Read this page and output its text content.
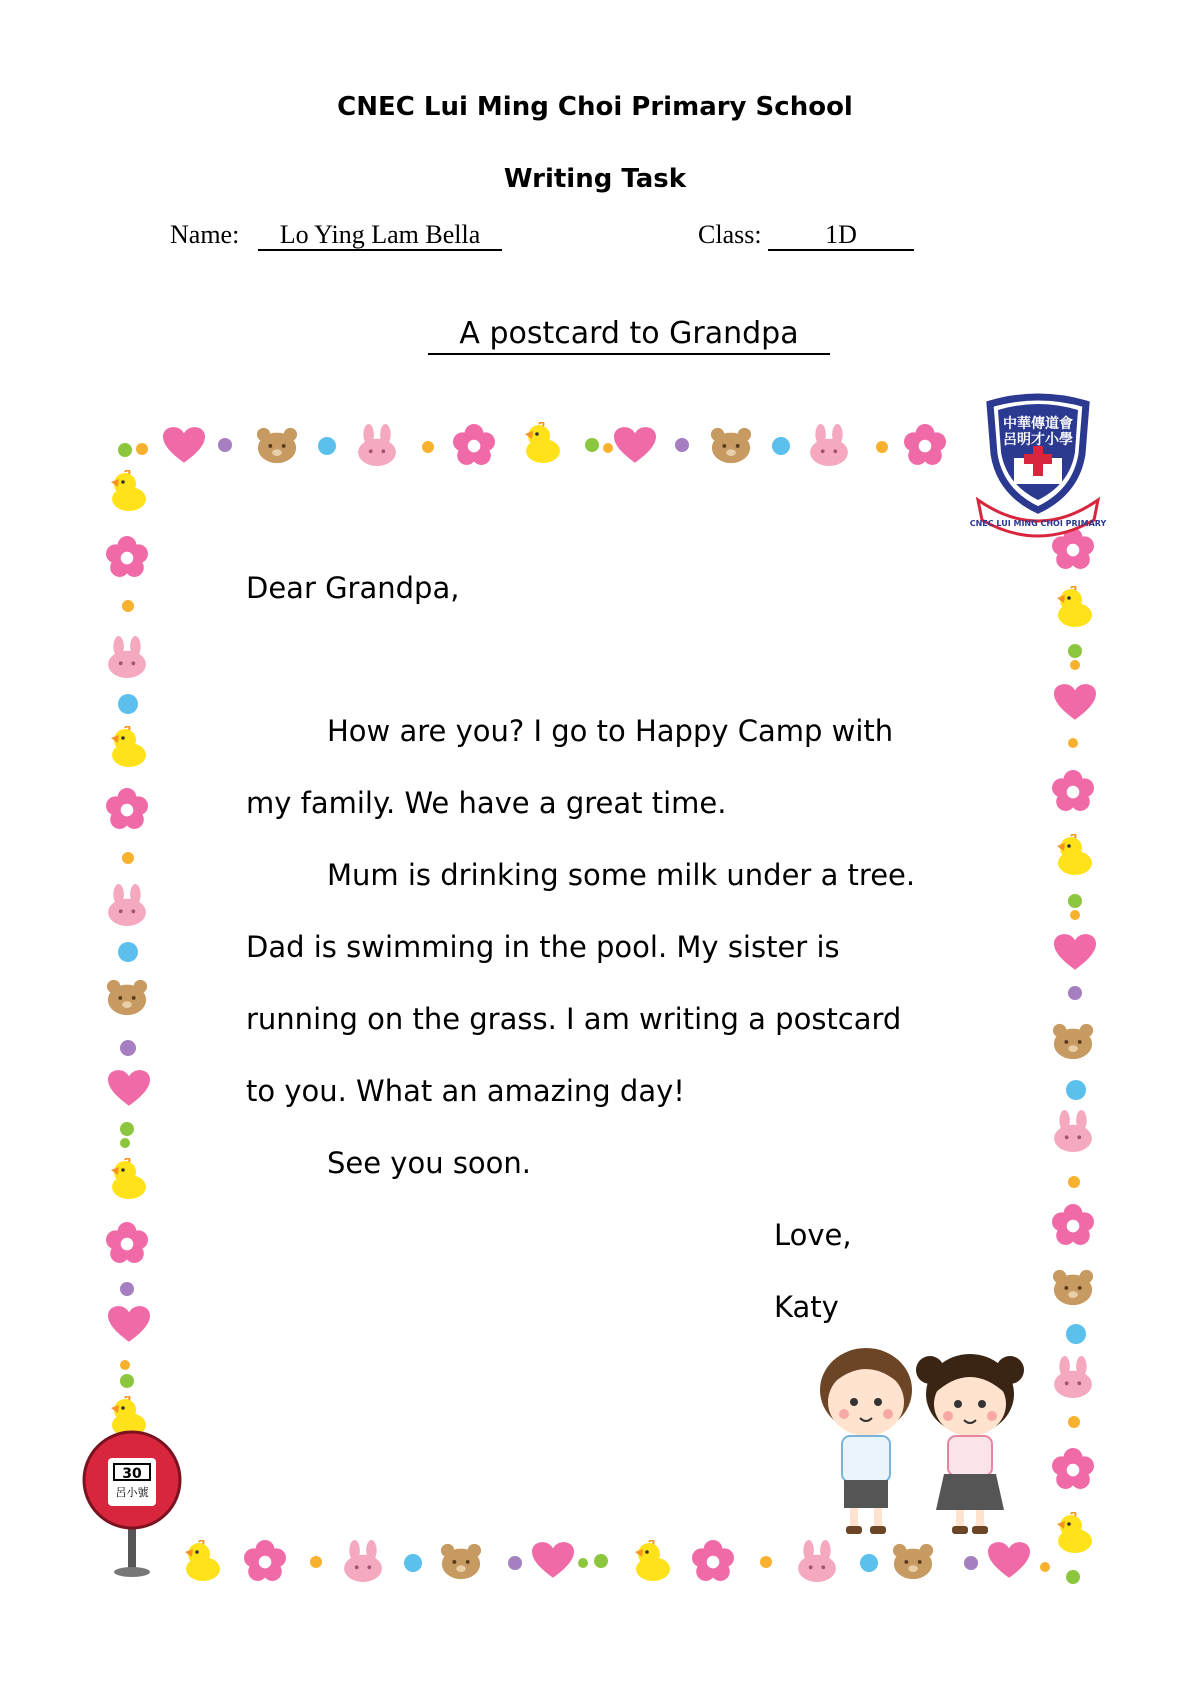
CNEC Lui Ming Choi Primary School
Writing Task
Name:	Lo Ying Lam Bella	Class:	1D
A postcard to Grandpa
中華傳道會
呂明才小學
CNEC LUI MING CHOI PRIMARY
Dear Grandpa,
How are you? I go to Happy Camp with
my family. We have a great time.
Mum is drinking some milk under a tree.
Dad is swimming in the pool. My sister is
running on the grass. I am writing a postcard
to you. What an amazing day!
See you soon.
Love,
Katy
30
呂小號
